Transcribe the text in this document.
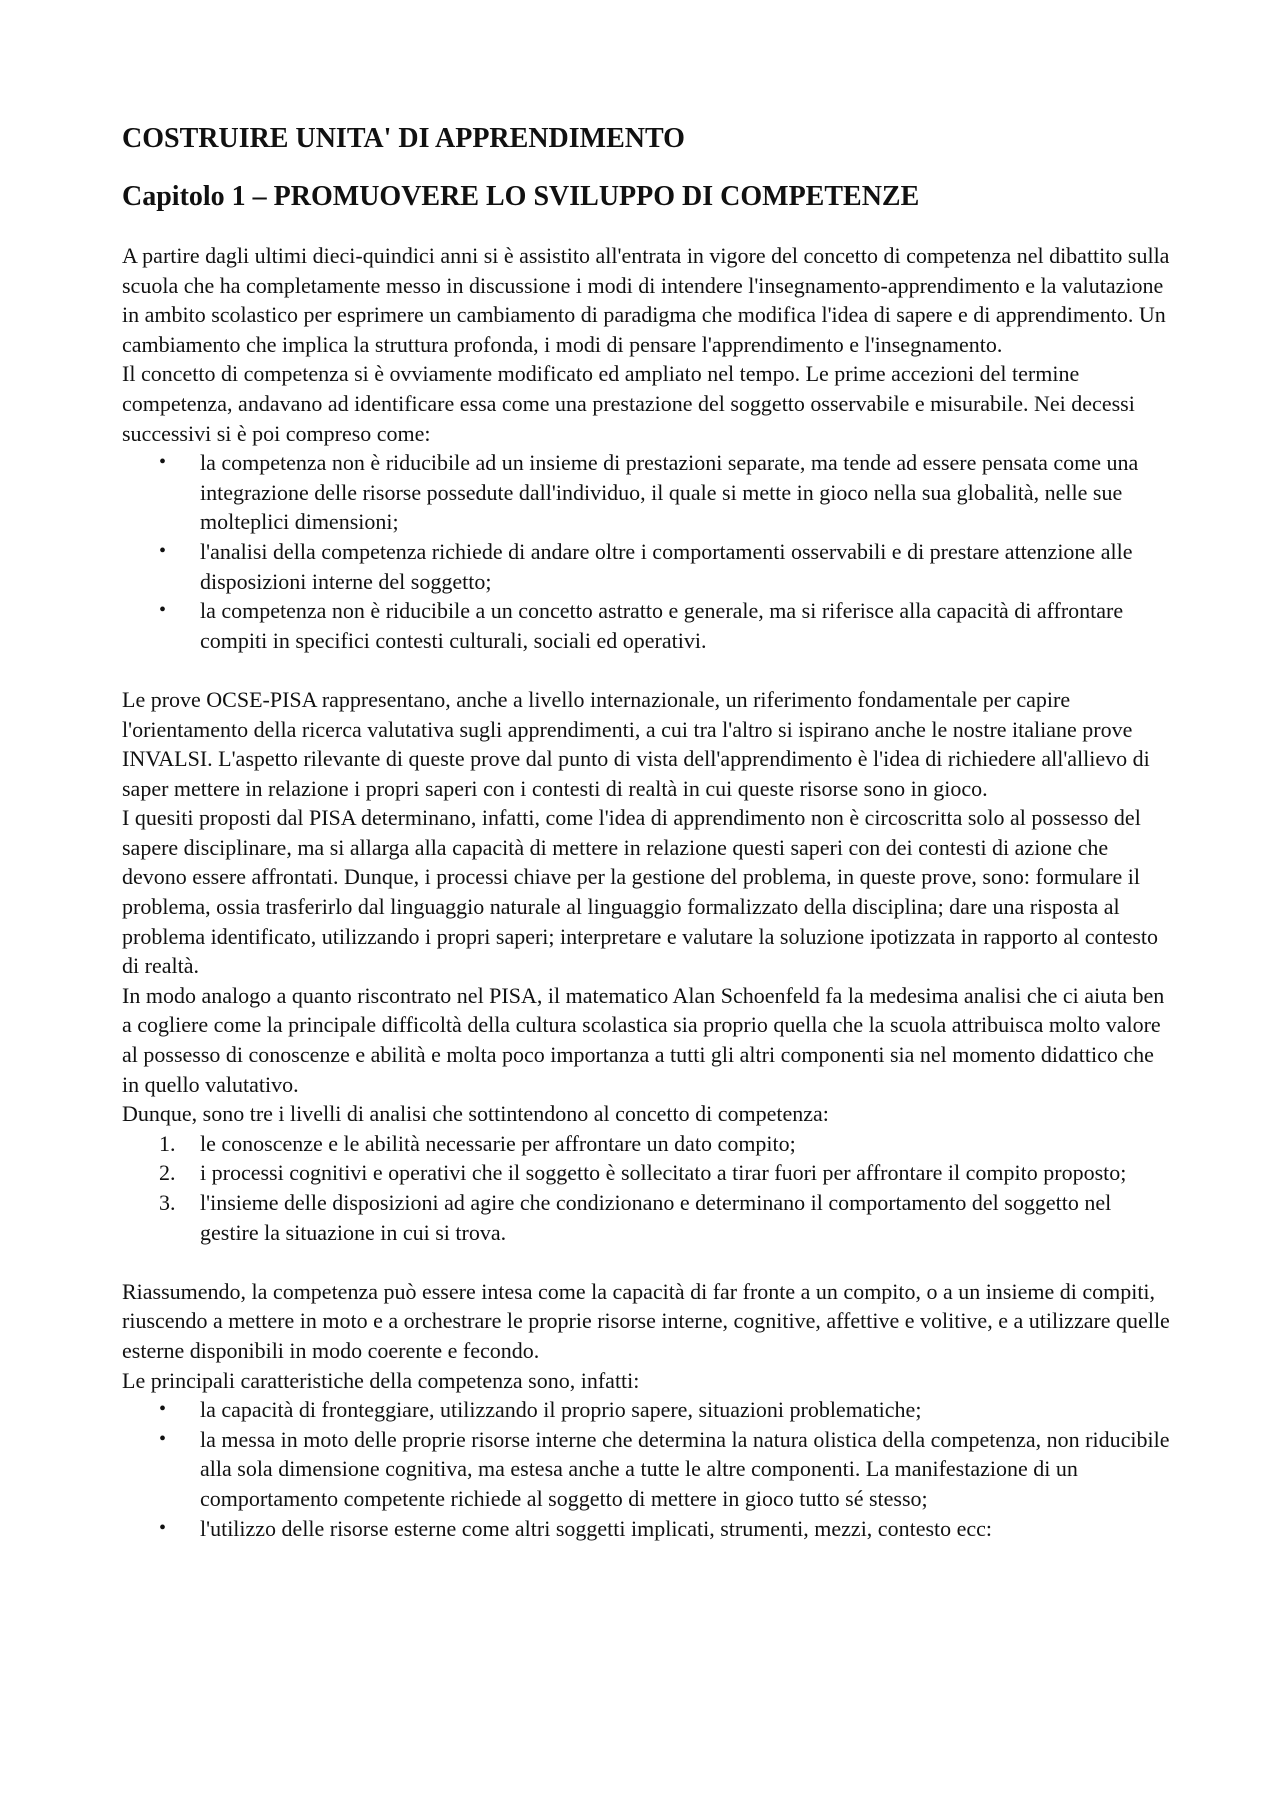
COSTRUIRE UNITA' DI APPRENDIMENTO
Capitolo 1 – PROMUOVERE LO SVILUPPO DI COMPETENZE

A partire dagli ultimi dieci-quindici anni si è assistito all'entrata in vigore del concetto di competenza nel dibattito sulla scuola che ha completamente messo in discussione i modi di intendere l'insegnamento-apprendimento e la valutazione in ambito scolastico per esprimere un cambiamento di paradigma che modifica l'idea di sapere e di apprendimento. Un cambiamento che implica la struttura profonda, i modi di pensare l'apprendimento e l'insegnamento.

Il concetto di competenza si è ovviamente modificato ed ampliato nel tempo. Le prime accezioni del termine competenza, andavano ad identificare essa come una prestazione del soggetto osservabile e misurabile. Nei decessi successivi si è poi compreso come:

• la competenza non è riducibile ad un insieme di prestazioni separate, ma tende ad essere pensata come una integrazione delle risorse possedute dall'individuo, il quale si mette in gioco nella sua globalità, nelle sue molteplici dimensioni;
• l'analisi della competenza richiede di andare oltre i comportamenti osservabili e di prestare attenzione alle disposizioni interne del soggetto;
• la competenza non è riducibile a un concetto astratto e generale, ma si riferisce alla capacità di affrontare compiti in specifici contesti culturali, sociali ed operativi.

Le prove OCSE-PISA rappresentano, anche a livello internazionale, un riferimento fondamentale per capire l'orientamento della ricerca valutativa sugli apprendimenti, a cui tra l'altro si ispirano anche le nostre italiane prove INVALSI. L'aspetto rilevante di queste prove dal punto di vista dell'apprendimento è l'idea di richiedere all'allievo di saper mettere in relazione i propri saperi con i contesti di realtà in cui queste risorse sono in gioco.

I quesiti proposti dal PISA determinano, infatti, come l'idea di apprendimento non è circoscritta solo al possesso del sapere disciplinare, ma si allarga alla capacità di mettere in relazione questi saperi con dei contesti di azione che devono essere affrontati. Dunque, i processi chiave per la gestione del problema, in queste prove, sono: formulare il problema, ossia trasferirlo dal linguaggio naturale al linguaggio formalizzato della disciplina; dare una risposta al problema identificato, utilizzando i propri saperi; interpretare e valutare la soluzione ipotizzata in rapporto al contesto di realtà.

In modo analogo a quanto riscontrato nel PISA, il matematico Alan Schoenfeld fa la medesima analisi che ci aiuta ben a cogliere come la principale difficoltà della cultura scolastica sia proprio quella che la scuola attribuisca molto valore al possesso di conoscenze e abilità e molta poco importanza a tutti gli altri componenti sia nel momento didattico che in quello valutativo.

Dunque, sono tre i livelli di analisi che sottintendono al concetto di competenza:

1. le conoscenze e le abilità necessarie per affrontare un dato compito;
2. i processi cognitivi e operativi che il soggetto è sollecitato a tirar fuori per affrontare il compito proposto;
3. l'insieme delle disposizioni ad agire che condizionano e determinano il comportamento del soggetto nel gestire la situazione in cui si trova.

Riassumendo, la competenza può essere intesa come la capacità di far fronte a un compito, o a un insieme di compiti, riuscendo a mettere in moto e a orchestrare le proprie risorse interne, cognitive, affettive e volitive, e a utilizzare quelle esterne disponibili in modo coerente e fecondo.

Le principali caratteristiche della competenza sono, infatti:

• la capacità di fronteggiare, utilizzando il proprio sapere, situazioni problematiche;
• la messa in moto delle proprie risorse interne che determina la natura olistica della competenza, non riducibile alla sola dimensione cognitiva, ma estesa anche a tutte le altre componenti. La manifestazione di un comportamento competente richiede al soggetto di mettere in gioco tutto sé stesso;
• l'utilizzo delle risorse esterne come altri soggetti implicati, strumenti, mezzi, contesto ecc:
